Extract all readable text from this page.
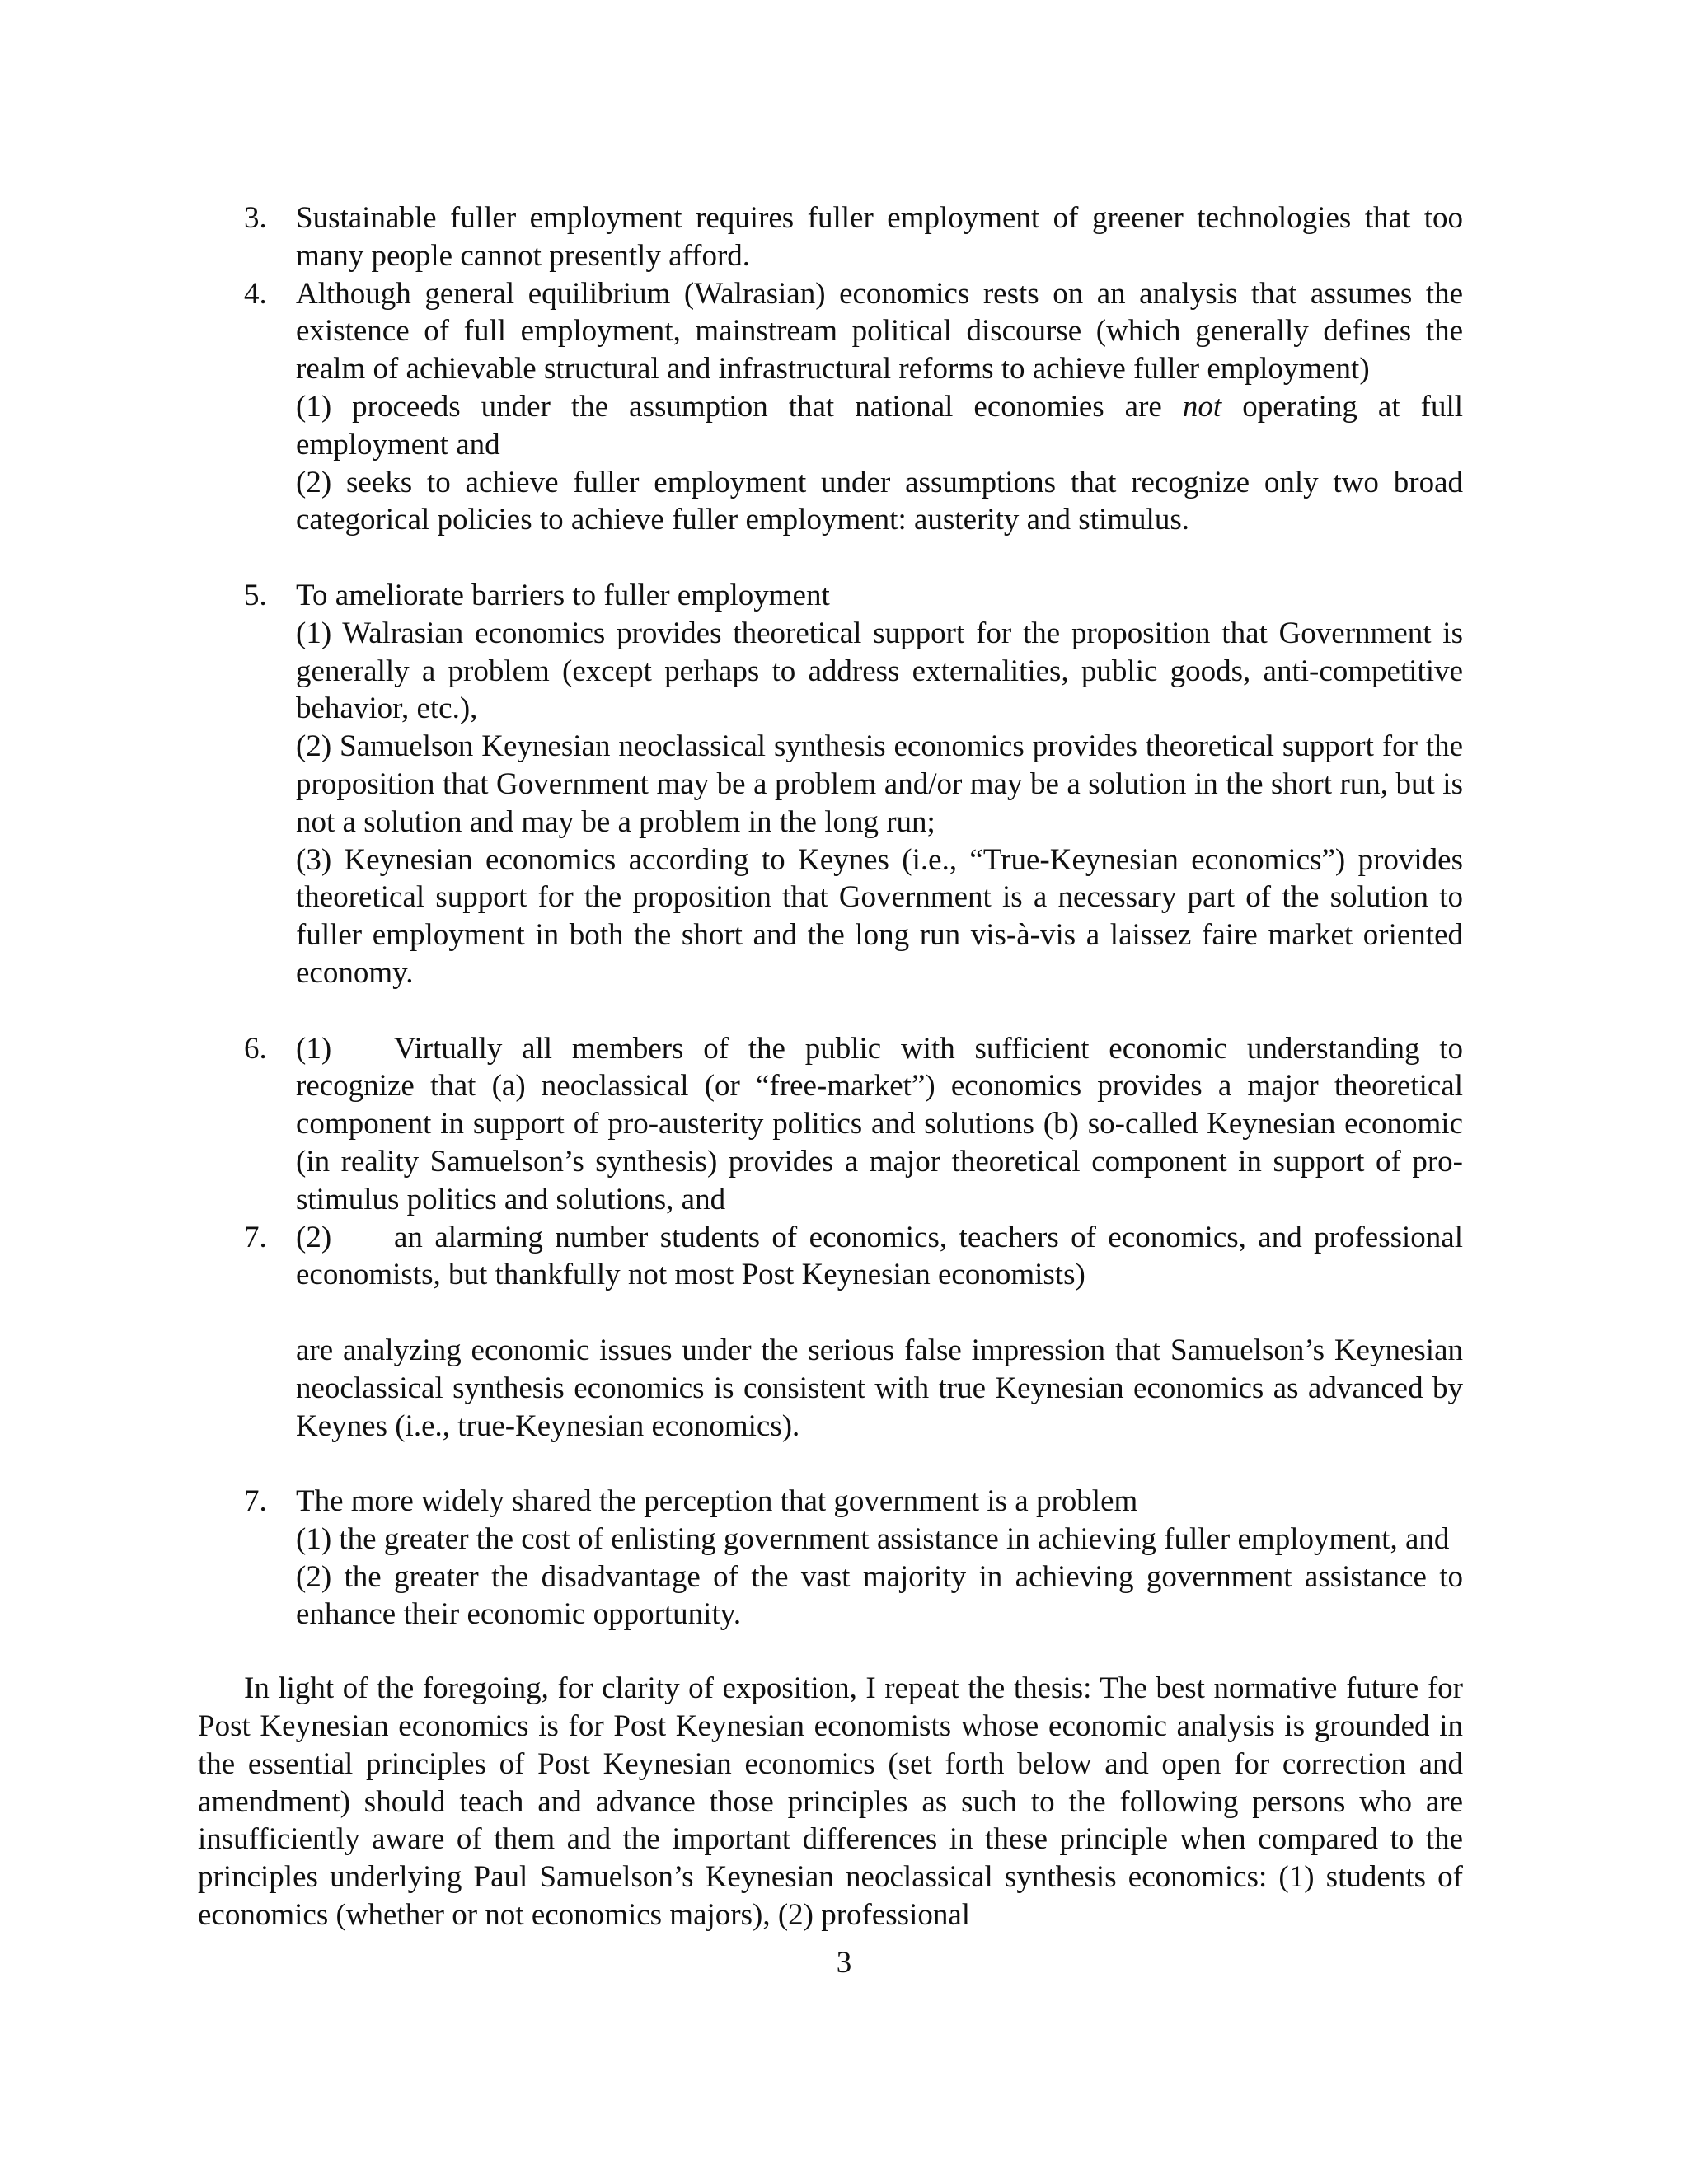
3. Sustainable fuller employment requires fuller employment of greener technologies that too many people cannot presently afford.
4. Although general equilibrium (Walrasian) economics rests on an analysis that assumes the existence of full employment, mainstream political discourse (which generally defines the realm of achievable structural and infrastructural reforms to achieve fuller employment)
(1) proceeds under the assumption that national economies are not operating at full employment and
(2) seeks to achieve fuller employment under assumptions that recognize only two broad categorical policies to achieve fuller employment: austerity and stimulus.
5. To ameliorate barriers to fuller employment
(1) Walrasian economics provides theoretical support for the proposition that Government is generally a problem (except perhaps to address externalities, public goods, anti-competitive behavior, etc.),
(2) Samuelson Keynesian neoclassical synthesis economics provides theoretical support for the proposition that Government may be a problem and/or may be a solution in the short run, but is not a solution and may be a problem in the long run;
(3) Keynesian economics according to Keynes (i.e., “True-Keynesian economics”) provides theoretical support for the proposition that Government is a necessary part of the solution to fuller employment in both the short and the long run vis-à-vis a laissez faire market oriented economy.
6. (1) Virtually all members of the public with sufficient economic understanding to recognize that (a) neoclassical (or “free-market”) economics provides a major theoretical component in support of pro-austerity politics and solutions (b) so-called Keynesian economic (in reality Samuelson’s synthesis) provides a major theoretical component in support of pro-stimulus politics and solutions, and
7. (2) an alarming number students of economics, teachers of economics, and professional economists, but thankfully not most Post Keynesian economists)
are analyzing economic issues under the serious false impression that Samuelson’s Keynesian neoclassical synthesis economics is consistent with true Keynesian economics as advanced by Keynes (i.e., true-Keynesian economics).
7. The more widely shared the perception that government is a problem
(1) the greater the cost of enlisting government assistance in achieving fuller employment, and
(2) the greater the disadvantage of the vast majority in achieving government assistance to enhance their economic opportunity.

In light of the foregoing, for clarity of exposition, I repeat the thesis: The best normative future for Post Keynesian economics is for Post Keynesian economists whose economic analysis is grounded in the essential principles of Post Keynesian economics (set forth below and open for correction and amendment) should teach and advance those principles as such to the following persons who are insufficiently aware of them and the important differences in these principle when compared to the principles underlying Paul Samuelson’s Keynesian neoclassical synthesis economics: (1) students of economics (whether or not economics majors), (2) professional

3
